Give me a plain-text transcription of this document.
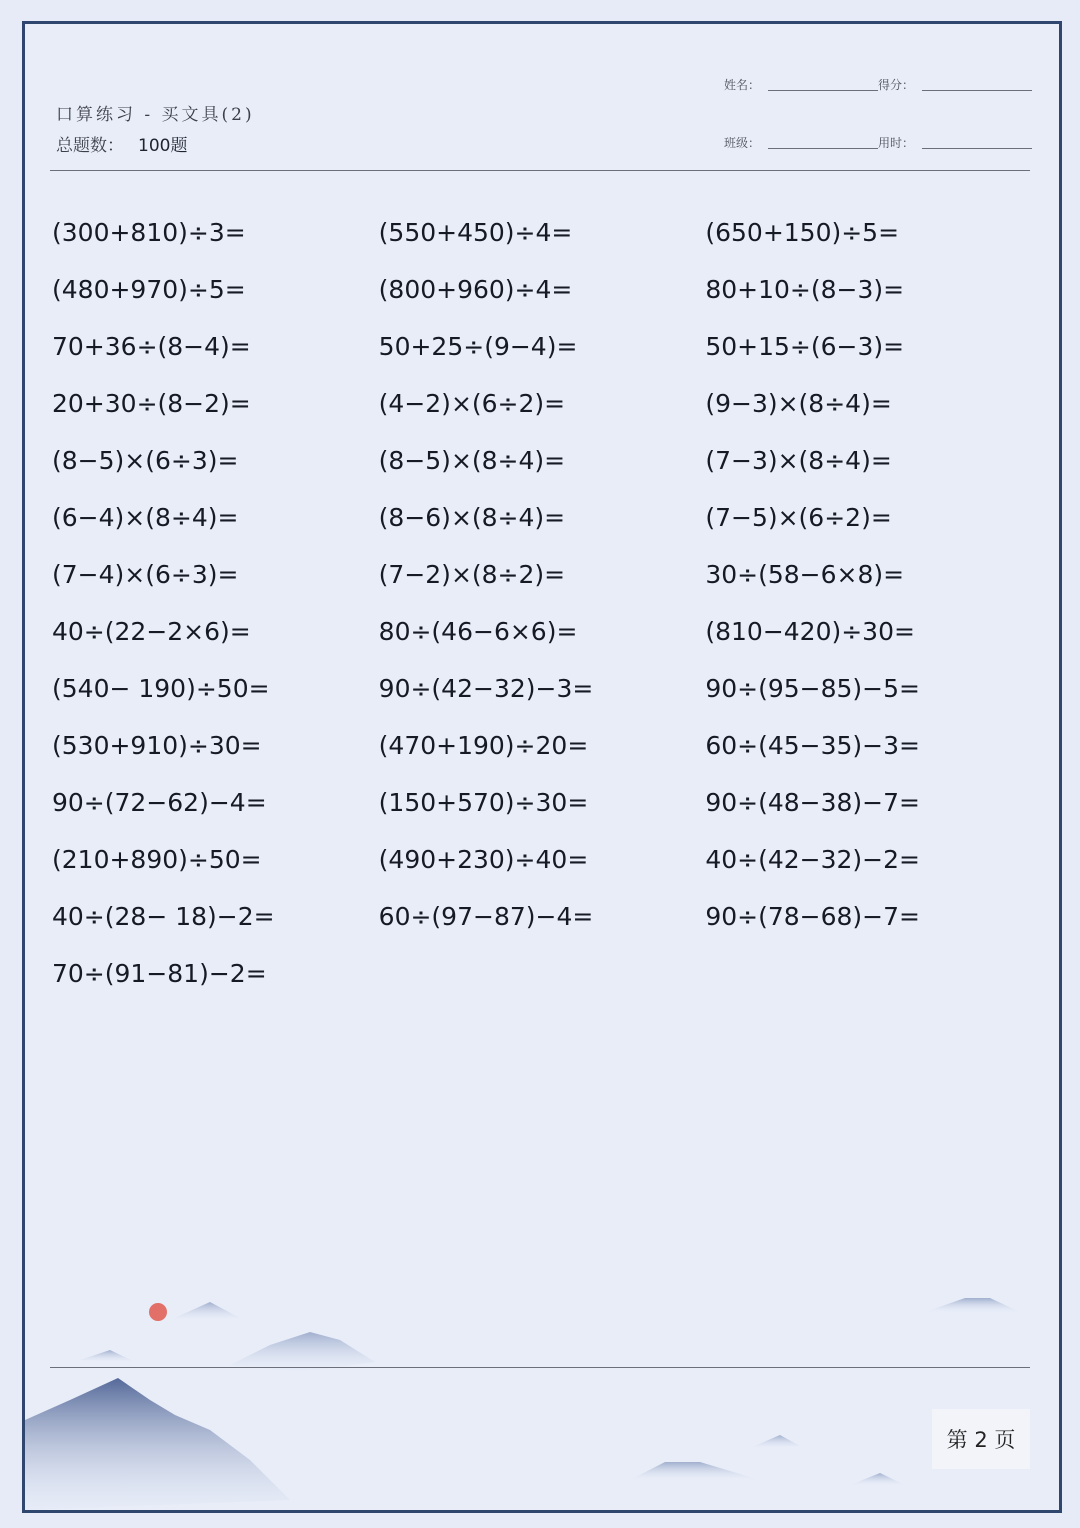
口算练习 - 买文具(2)
总题数： 100题
姓名：	得分：
班级：	用时：
(300+810)÷3=	(550+450)÷4=	(650+150)÷5=
(480+970)÷5=	(800+960)÷4=	80+10÷(8−3)=
70+36÷(8−4)=	50+25÷(9−4)=	50+15÷(6−3)=
20+30÷(8−2)=	(4−2)×(6÷2)=	(9−3)×(8÷4)=
(8−5)×(6÷3)=	(8−5)×(8÷4)=	(7−3)×(8÷4)=
(6−4)×(8÷4)=	(8−6)×(8÷4)=	(7−5)×(6÷2)=
(7−4)×(6÷3)=	(7−2)×(8÷2)=	30÷(58−6×8)=
40÷(22−2×6)=	80÷(46−6×6)=	(810−420)÷30=
(540− 190)÷50=	90÷(42−32)−3=	90÷(95−85)−5=
(530+910)÷30=	(470+190)÷20=	60÷(45−35)−3=
90÷(72−62)−4=	(150+570)÷30=	90÷(48−38)−7=
(210+890)÷50=	(490+230)÷40=	40÷(42−32)−2=
40÷(28− 18)−2=	60÷(97−87)−4=	90÷(78−68)−7=
70÷(91−81)−2=
第 2 页
